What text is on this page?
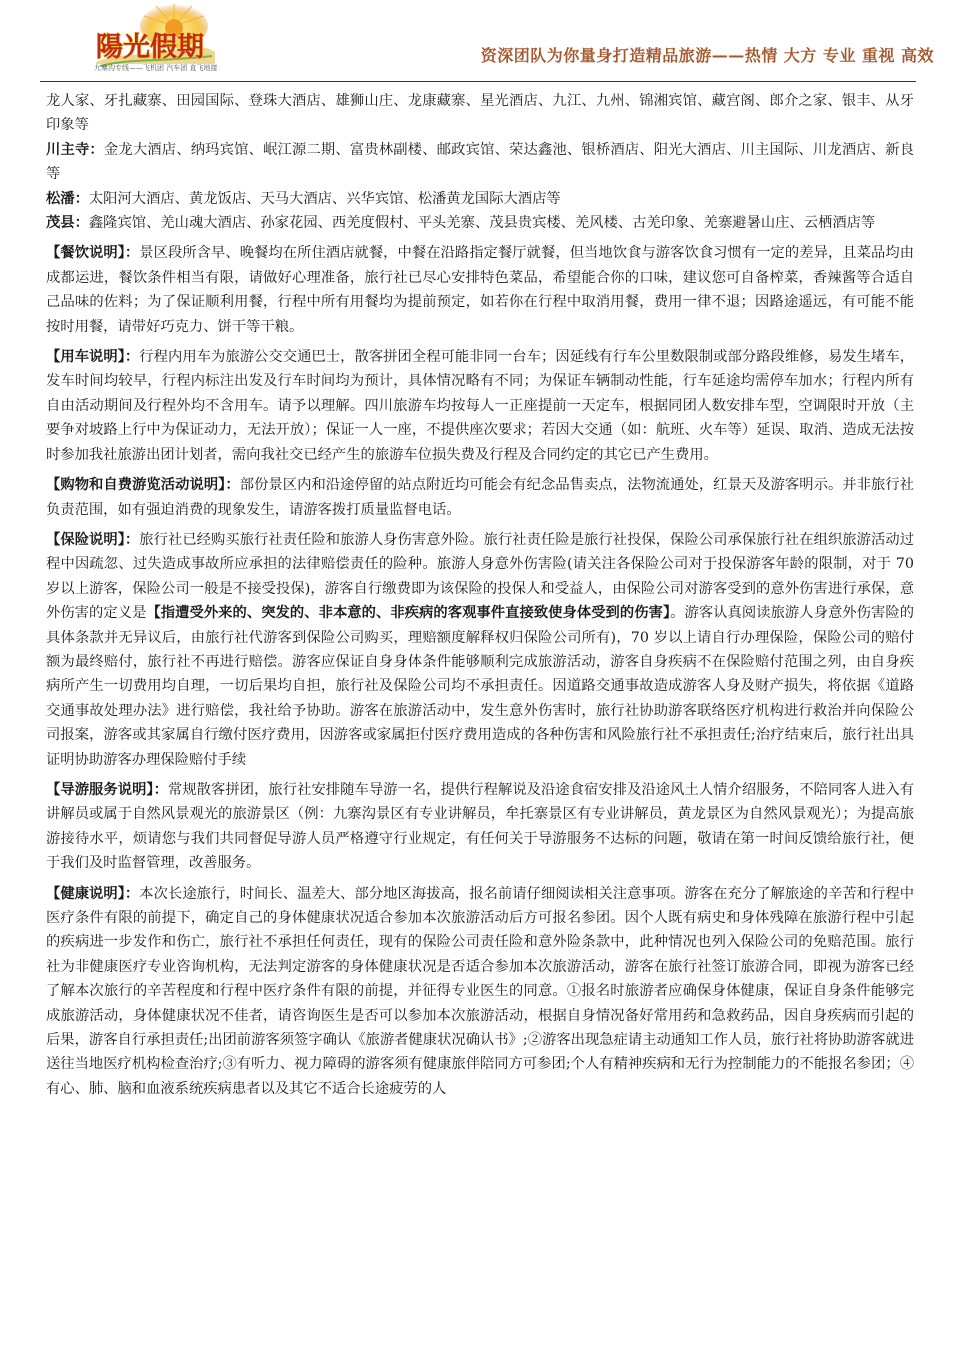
陽光假期
九寨沟专线——飞机团 汽车团 直飞地接
资深团队为你量身打造精品旅游——热情 大方 专业 重视 高效

龙人家、牙扎藏寨、田园国际、登珠大酒店、雄狮山庄、龙康藏寨、星光酒店、九江、九州、锦湘宾馆、藏宫阁、郎介之家、银丰、从牙印象等

川主寺：金龙大酒店、纳玛宾馆、岷江源二期、富贵林副楼、邮政宾馆、荣达鑫池、银桥酒店、阳光大酒店、川主国际、川龙酒店、新良等

松潘：太阳河大酒店、黄龙饭店、天马大酒店、兴华宾馆、松潘黄龙国际大酒店等

茂县：鑫隆宾馆、羌山魂大酒店、孙家花园、西羌度假村、平头羌寨、茂县贵宾楼、羌风楼、古羌印象、羌寨避暑山庄、云栖酒店等

【餐饮说明】：景区段所含早、晚餐均在所住酒店就餐，中餐在沿路指定餐厅就餐，但当地饮食与游客饮食习惯有一定的差异，且菜品均由成都运进，餐饮条件相当有限，请做好心理准备，旅行社已尽心安排特色菜品，希望能合你的口味，建议您可自备榨菜，香辣酱等合适自己品味的佐料；为了保证顺利用餐，行程中所有用餐均为提前预定，如若你在行程中取消用餐，费用一律不退；因路途遥远，有可能不能按时用餐，请带好巧克力、饼干等干粮。

【用车说明】：行程内用车为旅游公交交通巴士，散客拼团全程可能非同一台车；因延线有行车公里数限制或部分路段维修，易发生堵车，发车时间均较早，行程内标注出发及行车时间均为预计，具体情况略有不同；为保证车辆制动性能，行车延途均需停车加水；行程内所有自由活动期间及行程外均不含用车。请予以理解。四川旅游车均按每人一正座提前一天定车，根据同团人数安排车型，空调限时开放（主要争对坡路上行中为保证动力，无法开放）；保证一人一座，不提供座次要求；若因大交通（如：航班、火车等）延误、取消、造成无法按时参加我社旅游出团计划者，需向我社交已经产生的旅游车位损失费及行程及合同约定的其它已产生费用。

【购物和自费游览活动说明】：部份景区内和沿途停留的站点附近均可能会有纪念品售卖点，法物流通处，红景天及游客明示。并非旅行社负责范围，如有强迫消费的现象发生，请游客拨打质量监督电话。

【保险说明】：旅行社已经购买旅行社责任险和旅游人身伤害意外险。旅行社责任险是旅行社投保，保险公司承保旅行社在组织旅游活动过程中因疏忽、过失造成事故所应承担的法律赔偿责任的险种。旅游人身意外伤害险(请关注各保险公司对于投保游客年龄的限制，对于 70 岁以上游客，保险公司一般是不接受投保)，游客自行缴费即为该保险的投保人和受益人，由保险公司对游客受到的意外伤害进行承保，意外伤害的定义是【指遭受外来的、突发的、非本意的、非疾病的客观事件直接致使身体受到的伤害】。游客认真阅读旅游人身意外伤害险的具体条款并无异议后，由旅行社代游客到保险公司购买，理赔额度解释权归保险公司所有)，70 岁以上请自行办理保险，保险公司的赔付额为最终赔付，旅行社不再进行赔偿。游客应保证自身身体条件能够顺利完成旅游活动，游客自身疾病不在保险赔付范围之列，由自身疾病所产生一切费用均自理，一切后果均自担，旅行社及保险公司均不承担责任。因道路交通事故造成游客人身及财产损失，将依据《道路交通事故处理办法》进行赔偿，我社给予协助。游客在旅游活动中，发生意外伤害时，旅行社协助游客联络医疗机构进行救治并向保险公司报案，游客或其家属自行缴付医疗费用，因游客或家属拒付医疗费用造成的各种伤害和风险旅行社不承担责任;治疗结束后，旅行社出具证明协助游客办理保险赔付手续

【导游服务说明】：常规散客拼团，旅行社安排随车导游一名，提供行程解说及沿途食宿安排及沿途风土人情介绍服务，不陪同客人进入有讲解员或属于自然风景观光的旅游景区（例：九寨沟景区有专业讲解员，牟托寨景区有专业讲解员，黄龙景区为自然风景观光）；为提高旅游接待水平，烦请您与我们共同督促导游人员严格遵守行业规定，有任何关于导游服务不达标的问题，敬请在第一时间反馈给旅行社，便于我们及时监督管理，改善服务。

【健康说明】：本次长途旅行，时间长、温差大、部分地区海拔高，报名前请仔细阅读相关注意事项。游客在充分了解旅途的辛苦和行程中医疗条件有限的前提下，确定自己的身体健康状况适合参加本次旅游活动后方可报名参团。因个人既有病史和身体残障在旅游行程中引起的疾病进一步发作和伤亡，旅行社不承担任何责任，现有的保险公司责任险和意外险条款中，此种情况也列入保险公司的免赔范围。旅行社为非健康医疗专业咨询机构，无法判定游客的身体健康状况是否适合参加本次旅游活动，游客在旅行社签订旅游合同，即视为游客已经了解本次旅行的辛苦程度和行程中医疗条件有限的前提，并征得专业医生的同意。①报名时旅游者应确保身体健康，保证自身条件能够完成旅游活动，身体健康状况不佳者，请咨询医生是否可以参加本次旅游活动，根据自身情况备好常用药和急救药品，因自身疾病而引起的后果，游客自行承担责任;出团前游客须签字确认《旅游者健康状况确认书》;②游客出现急症请主动通知工作人员，旅行社将协助游客就进送往当地医疗机构检查治疗;③有听力、视力障碍的游客须有健康旅伴陪同方可参团;个人有精神疾病和无行为控制能力的不能报名参团；④有心、肺、脑和血液系统疾病患者以及其它不适合长途疲劳的人
